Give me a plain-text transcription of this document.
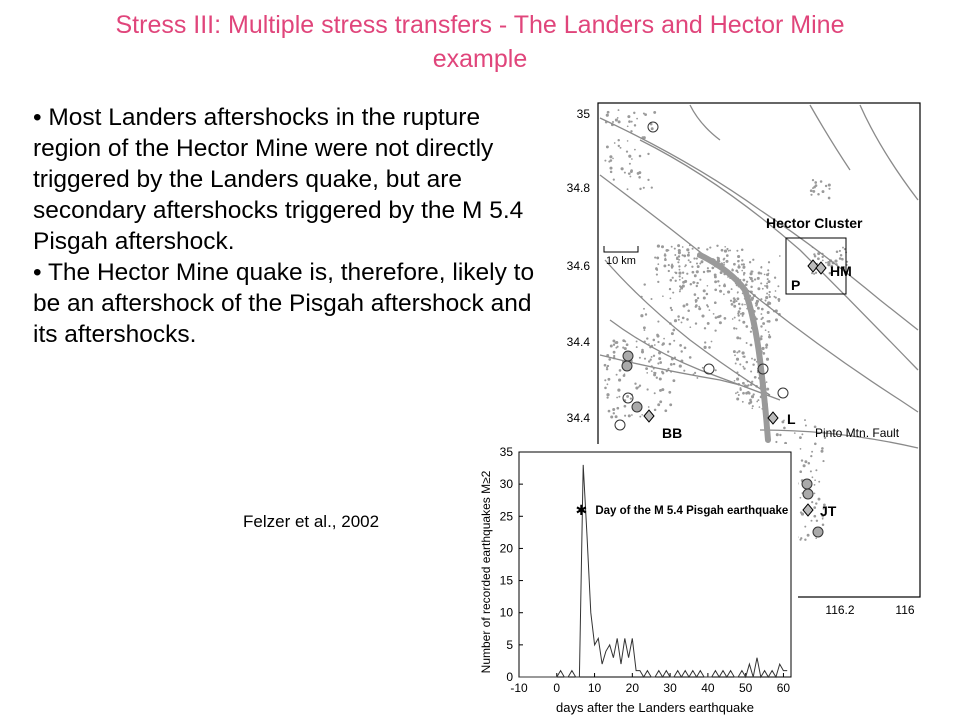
Stress III: Multiple stress transfers - The Landers and Hector Mine
example

• Most Landers aftershocks in the rupture region of the Hector Mine were not directly triggered by the Landers quake, but are secondary aftershocks triggered by the M 5.4 Pisgah aftershock.

• The Hector Mine quake is, therefore, likely to be an aftershock of the Pisgah aftershock and its aftershocks.

Felzer et al., 2002
Hector Cluster
10 km
HM
P
L
BB
JT
Pinto Mtn. Fault
35
34.8
34.6
34.4
34.4
116.2	116
-10 0 10 20 30 40 50 60
0
5
10
15
20
25
30
35
✱ Day of the M 5.4 Pisgah earthquake
Number of recorded earthquakes M≥2
days after the Landers earthquake
